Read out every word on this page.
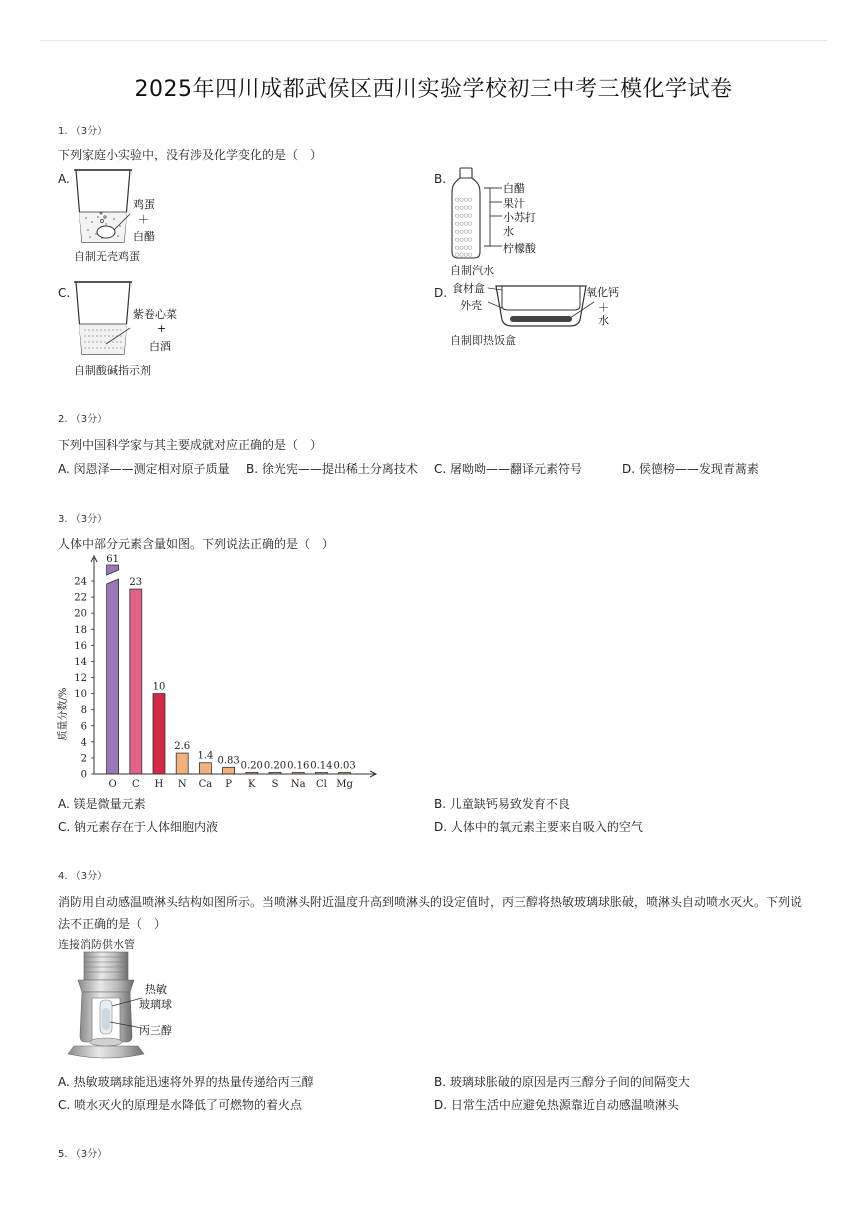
2025年四川成都武侯区西川实验学校初三中考三模化学试卷
1. （3分）
下列家庭小实验中，没有涉及化学变化的是（　）
A.
鸡蛋
＋
白醋
自制无壳鸡蛋
B.
○○○○
○○○○
○○○○
○○○○
○○○○
○○○○
○○○○
○○○○
白醋
果汁
小苏打
水
柠檬酸
自制汽水
C.
紫卷心菜
+
白酒
自制酸碱指示剂
D. 食材盒
外壳
氧化钙
＋
水
自制即热饭盒
2. （3分）
下列中国科学家与其主要成就对应正确的是（　）
A. 闵恩泽——测定相对原子质量 B. 徐光宪——提出稀土分离技术 C. 屠呦呦——翻译元素符号	D. 侯德榜——发现青蒿素
3. （3分）
人体中部分元素含量如图。下列说法正确的是（　）
0
2
4
6
8
10
12
14
16
18
20
22
24
质量分数/%
O C H N Ca P K S Na Cl Mg
61
23
10
2.6
1.4 0.83 0.20 0.20 0.16 0.14 0.03
A. 镁是微量元素	B. 儿童缺钙易致发育不良
C. 钠元素存在于人体细胞内液	D. 人体中的氧元素主要来自吸入的空气
4. （3分）
消防用自动感温喷淋头结构如图所示。当喷淋头附近温度升高到喷淋头的设定值时，丙三醇将热敏玻璃球胀破，喷淋头自动喷水灭火。下列说法不正确的是（　）
连接消防供水管
热敏
玻璃球
丙三醇
A. 热敏玻璃球能迅速将外界的热量传递给丙三醇	B. 玻璃球胀破的原因是丙三醇分子间的间隔变大
C. 喷水灭火的原理是水降低了可燃物的着火点	D. 日常生活中应避免热源靠近自动感温喷淋头
5. （3分）
